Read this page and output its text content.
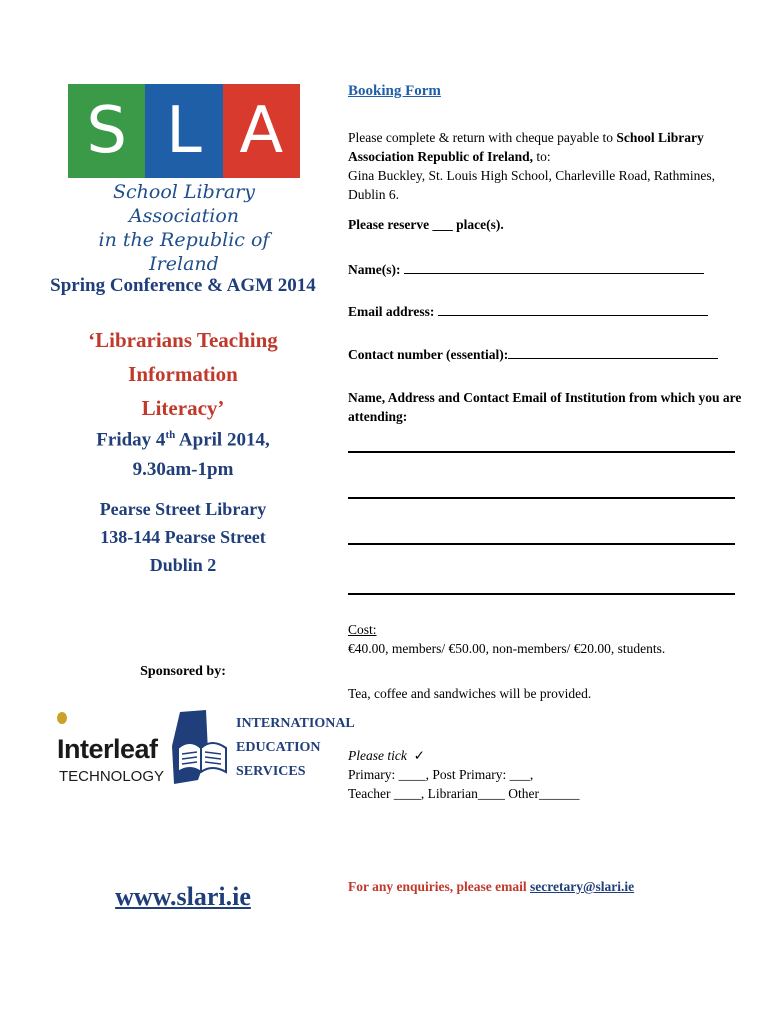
S L A
School Library Association
in the Republic of Ireland
Spring Conference & AGM 2014
‘Librarians Teaching Information
Literacy’
Friday 4th April 2014,
9.30am-1pm
Pearse Street Library
138-144 Pearse Street
Dublin 2
Sponsored by:
Interleaf
TECHNOLOGY
INTERNATIONAL
EDUCATION
SERVICES
www.slari.ie
Booking Form
Please complete & return with cheque payable to School Library Association Republic of Ireland, to:
Gina Buckley, St. Louis High School, Charleville Road, Rathmines, Dublin 6.
Please reserve ___ place(s).
Name(s):
Email address:
Contact number (essential):
Name, Address and Contact Email of Institution from which you are attending:
Cost:
€40.00, members/ €50.00, non-members/ €20.00, students.
Tea, coffee and sandwiches will be provided.
Please tick ✓
Primary: ____, Post Primary: ___,
Teacher ____, Librarian____ Other______
For any enquiries, please email secretary@slari.ie
